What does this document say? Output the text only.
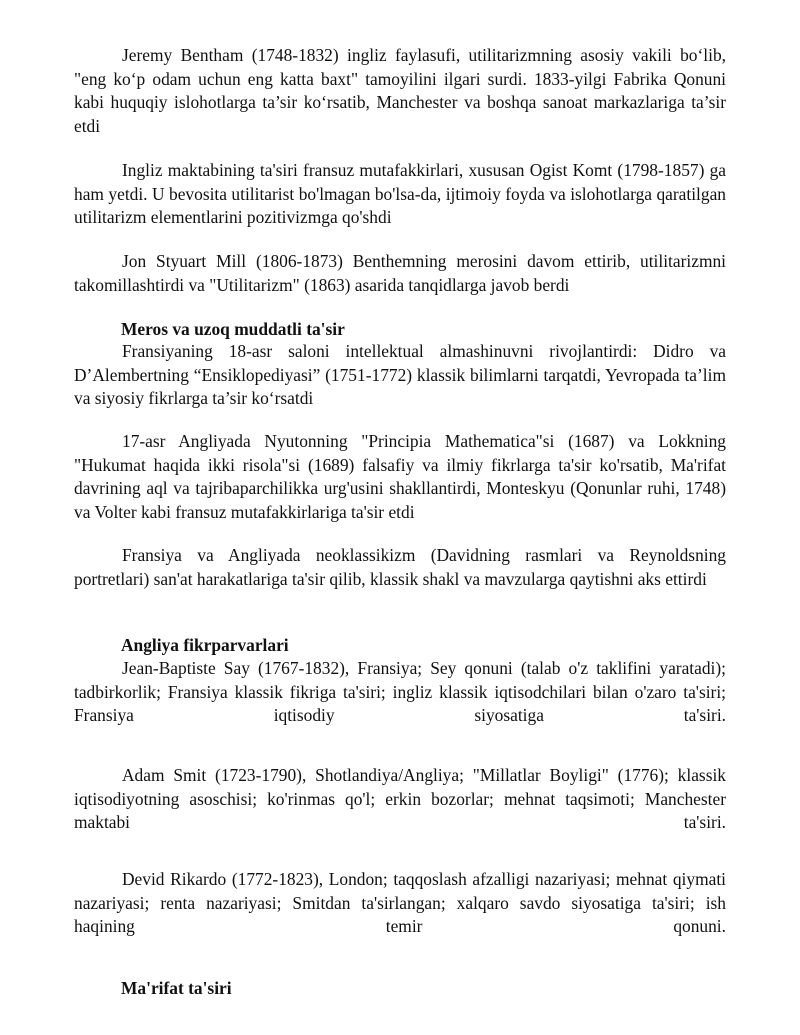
Jeremy Bentham (1748-1832) ingliz faylasufi, utilitarizmning asosiy vakili bo‘lib, "eng ko‘p odam uchun eng katta baxt" tamoyilini ilgari surdi. 1833-yilgi Fabrika Qonuni kabi huquqiy islohotlarga ta’sir ko‘rsatib, Manchester va boshqa sanoat markazlariga ta’sir etdi

Ingliz maktabining ta'siri fransuz mutafakkirlari, xususan Ogist Komt (1798-1857) ga ham yetdi. U bevosita utilitarist bo'lmagan bo'lsa-da, ijtimoiy foyda va islohotlarga qaratilgan utilitarizm elementlarini pozitivizmga qo'shdi

Jon Styuart Mill (1806-1873) Benthemning merosini davom ettirib, utilitarizmni takomillashtirdi va "Utilitarizm" (1863) asarida tanqidlarga javob berdi

Meros va uzoq muddatli ta'sir

Fransiyaning 18-asr saloni intellektual almashinuvni rivojlantirdi: Didro va D’Alembertning “Ensiklopediyasi” (1751-1772) klassik bilimlarni tarqatdi, Yevropada ta’lim va siyosiy fikrlarga ta’sir ko‘rsatdi

17-asr Angliyada Nyutonning "Principia Mathematica"si (1687) va Lokkning "Hukumat haqida ikki risola"si (1689) falsafiy va ilmiy fikrlarga ta'sir ko'rsatib, Ma'rifat davrining aql va tajribaparchilikka urg'usini shakllantirdi, Monteskyu (Qonunlar ruhi, 1748) va Volter kabi fransuz mutafakkirlariga ta'sir etdi

Fransiya va Angliyada neoklassikizm (Davidning rasmlari va Reynoldsning portretlari) san'at harakatlariga ta'sir qilib, klassik shakl va mavzularga qaytishni aks ettirdi

Angliya fikrparvarlari

Jean-Baptiste Say (1767-1832), Fransiya; Sey qonuni (talab o'z taklifini yaratadi); tadbirkorlik; Fransiya klassik fikriga ta'siri; ingliz klassik iqtisodchilari bilan o'zaro ta'siri; Fransiya iqtisodiy siyosatiga ta'siri.

Adam Smit (1723-1790), Shotlandiya/Angliya; "Millatlar Boyligi" (1776); klassik iqtisodiyotning asoschisi; ko'rinmas qo'l; erkin bozorlar; mehnat taqsimoti; Manchester maktabi ta'siri.

Devid Rikardo (1772-1823), London; taqqoslash afzalligi nazariyasi; mehnat qiymati nazariyasi; renta nazariyasi; Smitdan ta'sirlangan; xalqaro savdo siyosatiga ta'siri; ish haqining temir qonuni.

Ma'rifat ta'siri
